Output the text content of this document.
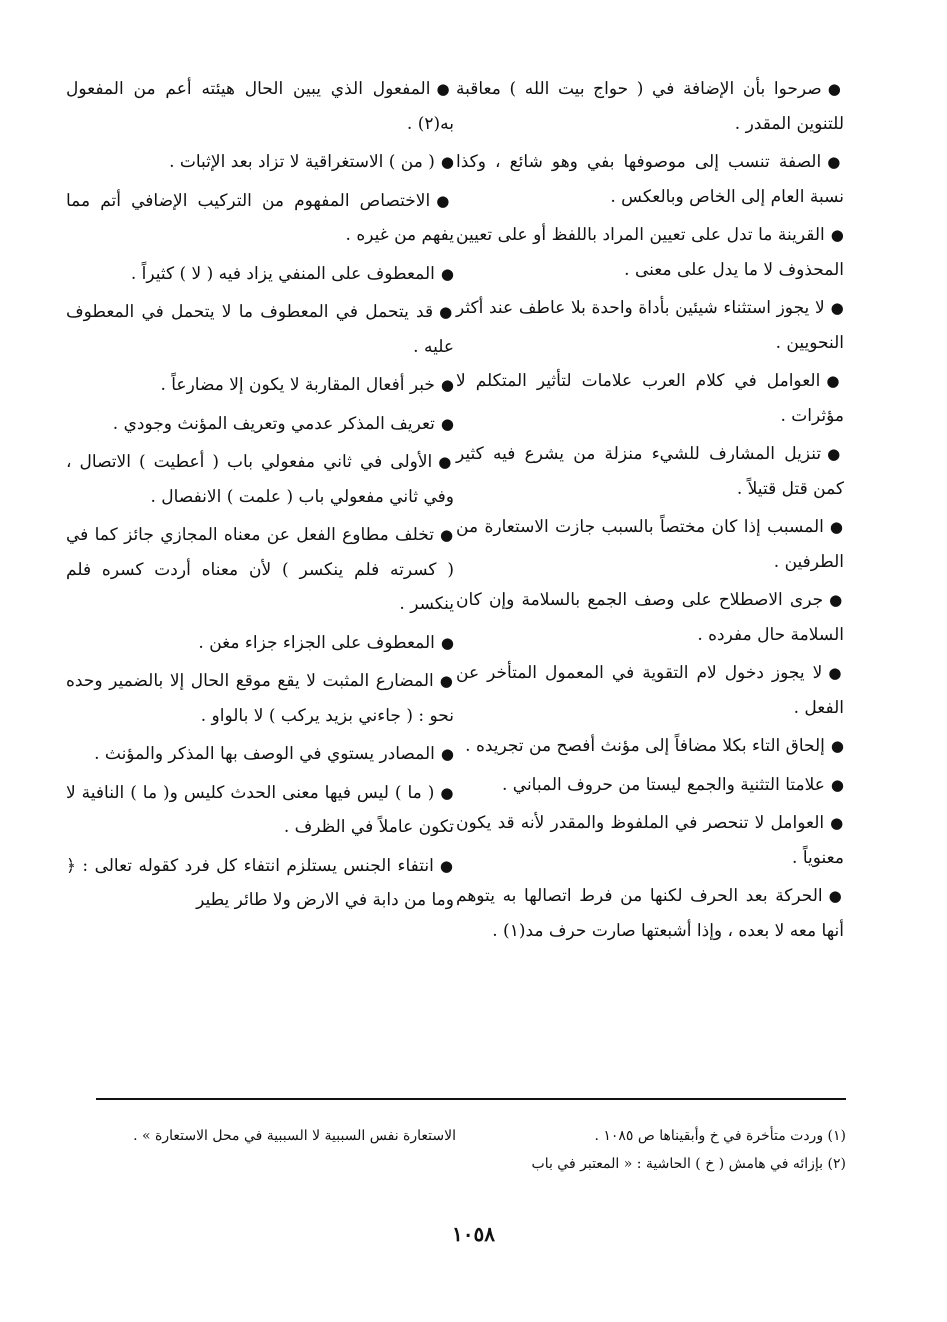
●صرحوا بأن الإضافة في ( حواج بيت الله ) معاقبة للتنوين المقدر .

●الصفة تنسب إلى موصوفها بفي وهو شائع ، وكذا نسبة العام إلى الخاص وبالعكس .

●القرينة ما تدل على تعيين المراد باللفظ أو على تعيين المحذوف لا ما يدل على معنى .

●لا يجوز استثناء شيئين بأداة واحدة بلا عاطف عند أكثر النحويين .

●العوامل في كلام العرب علامات لتأثير المتكلم لا مؤثرات .

●تنزيل المشارف للشيء منزلة من يشرع فيه كثير كمن قتل قتيلاً .

●المسبب إذا كان مختصاً بالسبب جازت الاستعارة من الطرفين .

●جرى الاصطلاح على وصف الجمع بالسلامة وإن كان السلامة حال مفرده .

●لا يجوز دخول لام التقوية في المعمول المتأخر عن الفعل .

●إلحاق التاء بكلا مضافاً إلى مؤنث أفصح من تجريده .

●علامتا التثنية والجمع ليستا من حروف المباني .

●العوامل لا تنحصر في الملفوظ والمقدر لأنه قد يكون معنوياً .

●الحركة بعد الحرف لكنها من فرط اتصالها به يتوهم أنها معه لا بعده ، وإذا أشبعتها صارت حرف مد(١) .

●المفعول الذي يبين الحال هيئته أعم من المفعول به(٢) .

●( من ) الاستغراقية لا تزاد بعد الإثبات .

●الاختصاص المفهوم من التركيب الإضافي أتم مما يفهم من غيره .

●المعطوف على المنفي يزاد فيه ( لا ) كثيراً .

●قد يتحمل في المعطوف ما لا يتحمل في المعطوف عليه .

●خبر أفعال المقاربة لا يكون إلا مضارعاً .

●تعريف المذكر عدمي وتعريف المؤنث وجودي .

●الأولى في ثاني مفعولي باب ( أعطيت ) الاتصال ، وفي ثاني مفعولي باب ( علمت ) الانفصال .

●تخلف مطاوع الفعل عن معناه المجازي جائز كما في ( كسرته فلم ينكسر ) لأن معناه أردت كسره فلم ينكسر .

●المعطوف على الجزاء جزاء مغن .

●المضارع المثبت لا يقع موقع الحال إلا بالضمير وحده نحو : ( جاءني بزيد يركب ) لا بالواو .

●المصادر يستوي في الوصف بها المذكر والمؤنث .

●( ما ) ليس فيها معنى الحدث كليس و( ما ) النافية لا تكون عاملاً في الظرف .

●انتفاء الجنس يستلزم انتفاء كل فرد كقوله تعالى : ﴿ وما من دابة في الارض ولا طائر يطير

(١) وردت متأخرة في خ وأبقيناها ص ١٠٨٥ .
(٢) بإزائه في هامش ( خ ) الحاشية : « المعتبر في باب
الاستعارة نفس السببية لا السببية في محل الاستعارة » .
١٠٥٨
